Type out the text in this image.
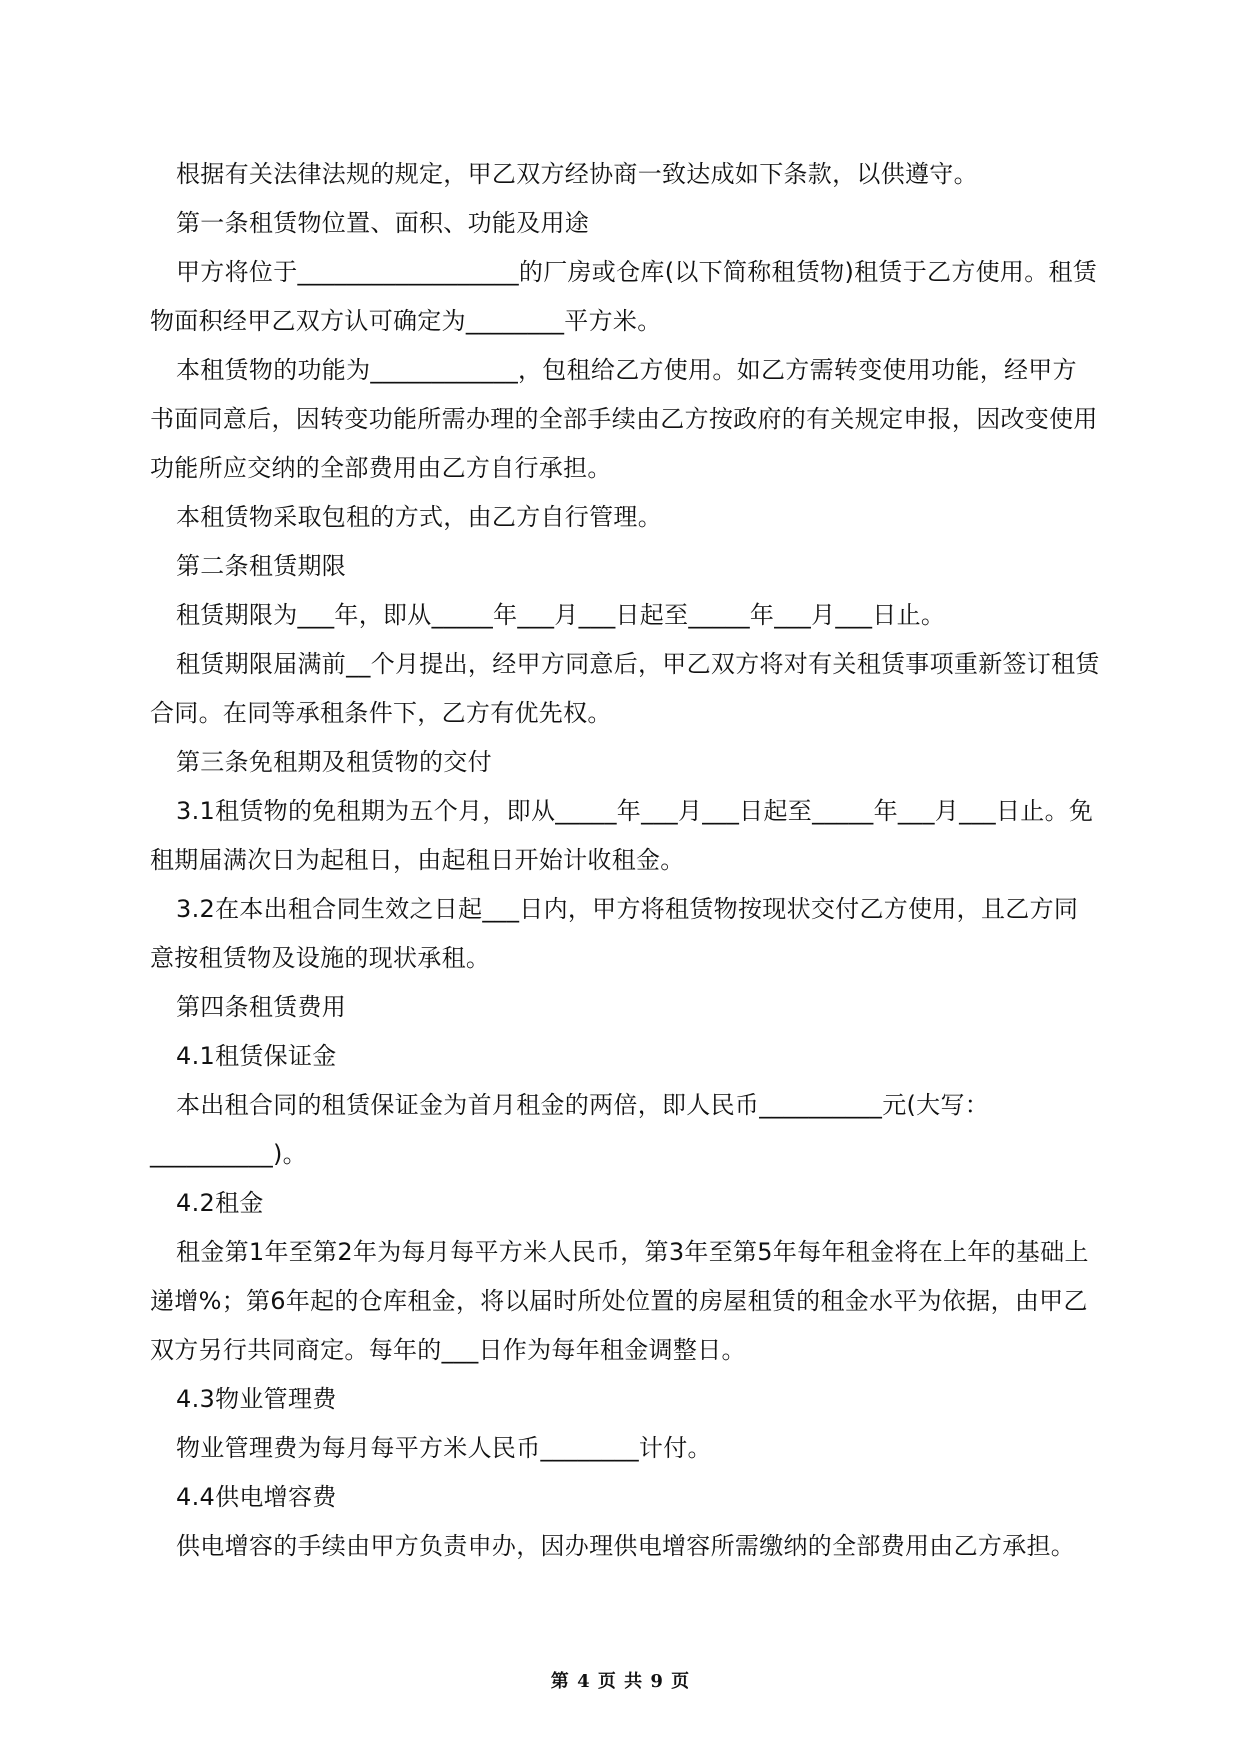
根据有关法律法规的规定，甲乙双方经协商一致达成如下条款，以供遵守。

第一条租赁物位置、面积、功能及用途

甲方将位于__________________的厂房或仓库(以下简称租赁物)租赁于乙方使用。租赁物面积经甲乙双方认可确定为________平方米。

本租赁物的功能为____________，包租给乙方使用。如乙方需转变使用功能，经甲方书面同意后，因转变功能所需办理的全部手续由乙方按政府的有关规定申报，因改变使用功能所应交纳的全部费用由乙方自行承担。

本租赁物采取包租的方式，由乙方自行管理。

第二条租赁期限

租赁期限为___年，即从_____年___月___日起至_____年___月___日止。

租赁期限届满前__个月提出，经甲方同意后，甲乙双方将对有关租赁事项重新签订租赁合同。在同等承租条件下，乙方有优先权。

第三条免租期及租赁物的交付

3.1租赁物的免租期为五个月，即从_____年___月___日起至_____年___月___日止。免租期届满次日为起租日，由起租日开始计收租金。

3.2在本出租合同生效之日起___日内，甲方将租赁物按现状交付乙方使用，且乙方同意按租赁物及设施的现状承租。

第四条租赁费用

4.1租赁保证金

本出租合同的租赁保证金为首月租金的两倍，即人民币__________元(大写：__________)。

4.2租金

租金第1年至第2年为每月每平方米人民币，第3年至第5年每年租金将在上年的基础上递增%；第6年起的仓库租金，将以届时所处位置的房屋租赁的租金水平为依据，由甲乙双方另行共同商定。每年的___日作为每年租金调整日。

4.3物业管理费

物业管理费为每月每平方米人民币________计付。

4.4供电增容费

供电增容的手续由甲方负责申办，因办理供电增容所需缴纳的全部费用由乙方承担。

第 4 页 共 9 页
